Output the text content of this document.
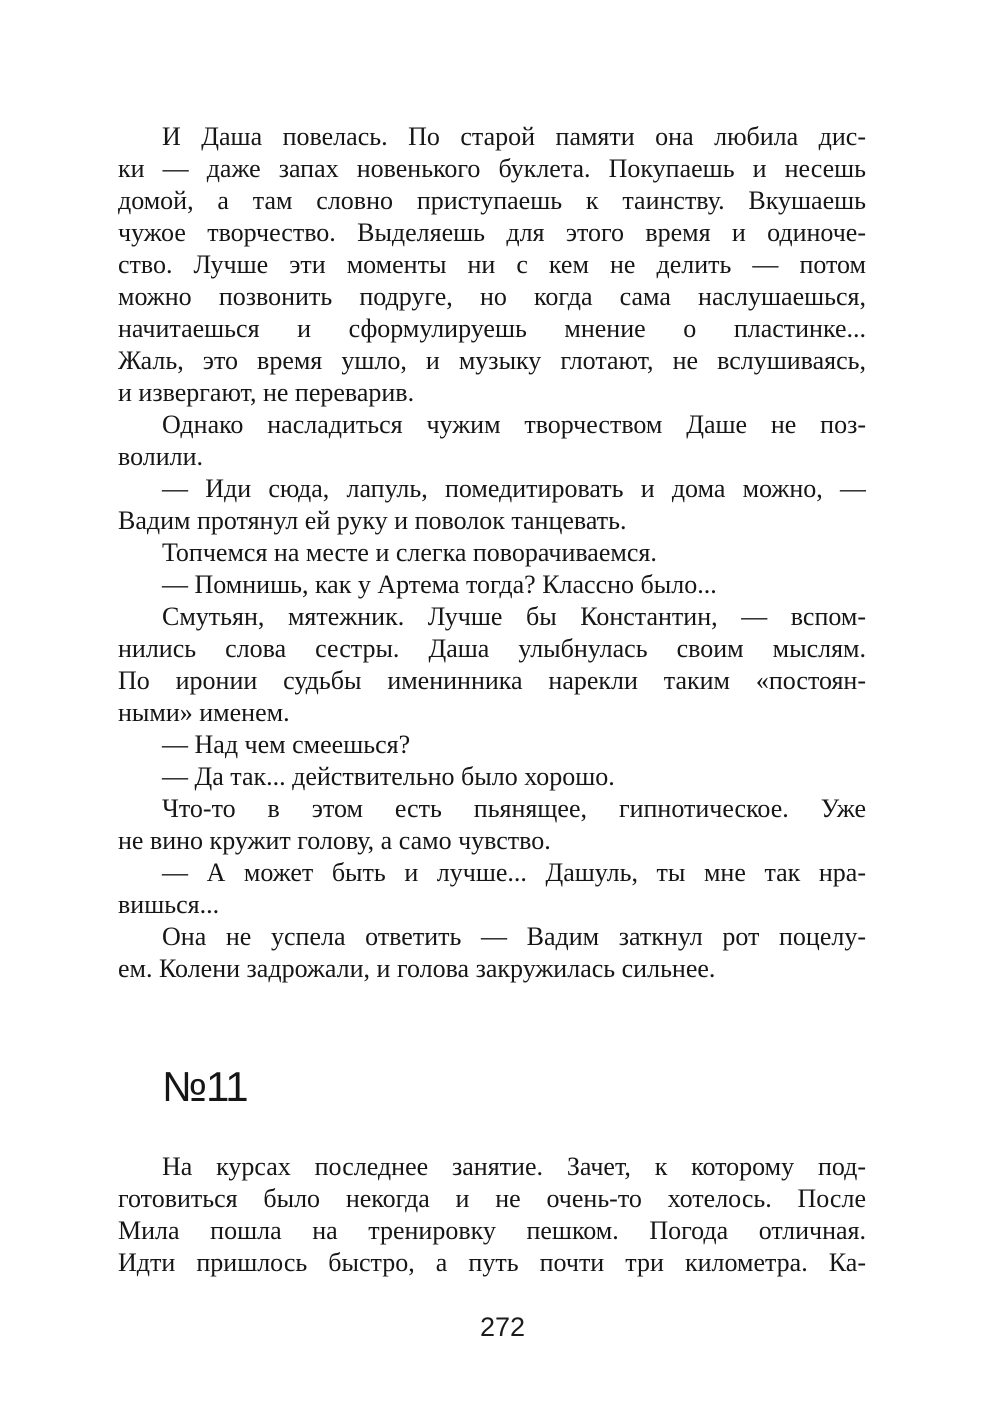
И Даша повелась. По старой памяти она любила дис-
ки — даже запах новенького буклета. Покупаешь и несешь
домой, а там словно приступаешь к таинству. Вкушаешь
чужое творчество. Выделяешь для этого время и одиноче-
ство. Лучше эти моменты ни с кем не делить — потом
можно позвонить подруге, но когда сама наслушаешься,
начитаешься и сформулируешь мнение о пластинке...
Жаль, это время ушло, и музыку глотают, не вслушиваясь,
и извергают, не переварив.
Однако насладиться чужим творчеством Даше не поз-
волили.
— Иди сюда, лапуль, помедитировать и дома можно, —
Вадим протянул ей руку и поволок танцевать.
Топчемся на месте и слегка поворачиваемся.
— Помнишь, как у Артема тогда? Классно было...
Смутьян, мятежник. Лучше бы Константин, — вспом-
нились слова сестры. Даша улыбнулась своим мыслям.
По иронии судьбы именинника нарекли таким «постоян-
ными» именем.
— Над чем смеешься?
— Да так... действительно было хорошо.
Что-то в этом есть пьянящее, гипнотическое. Уже
не вино кружит голову, а само чувство.
— А может быть и лучше... Дашуль, ты мне так нра-
вишься...
Она не успела ответить — Вадим заткнул рот поцелу-
ем. Колени задрожали, и голова закружилась сильнее.
№11
На курсах последнее занятие. Зачет, к которому под-
готовиться было некогда и не очень-то хотелось. После
Мила пошла на тренировку пешком. Погода отличная.
Идти пришлось быстро, а путь почти три километра. Ка-
272
